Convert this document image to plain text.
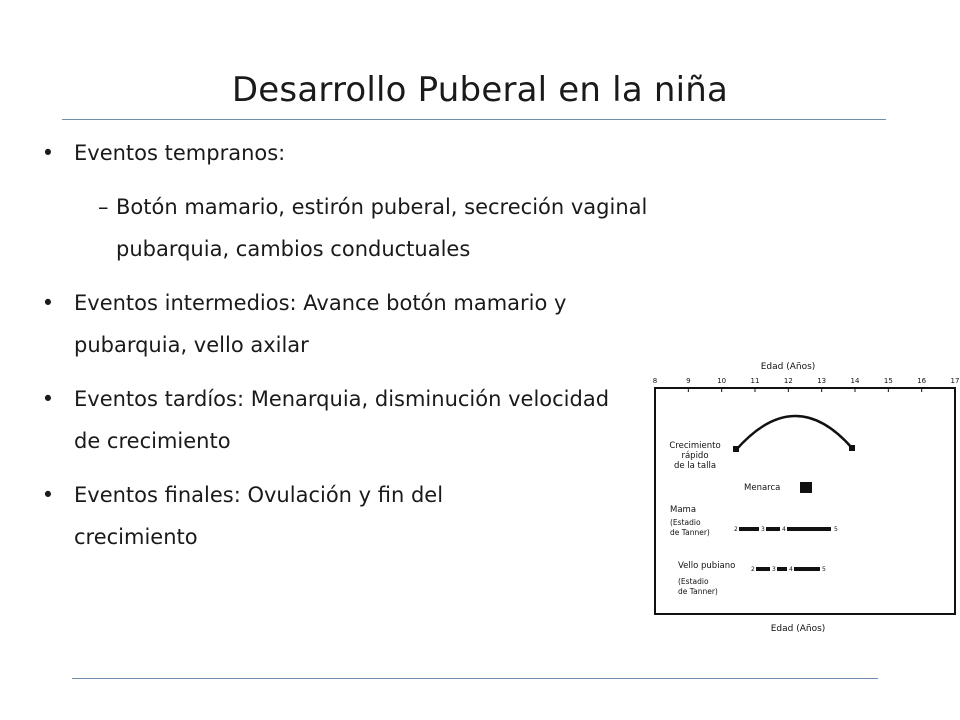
Desarrollo Puberal en la niña
• Eventos tempranos:
– Botón mamario, estirón puberal, secreción vaginal pubarquia, cambios conductuales
• Eventos intermedios: Avance botón mamario y pubarquia, vello axilar
• Eventos tardíos: Menarquia, disminución velocidad de crecimiento
• Eventos finales: Ovulación y fin del crecimiento
Edad (Años)
8	9	10	11	12	13	14	15	16	17
Crecimiento
rápido
de la talla
Menarca
Mama
(Estadio
de Tanner)	2	3	4	5
Vello pubiano
(Estadio
de Tanner)
2	3 4	5
Edad (Años)
